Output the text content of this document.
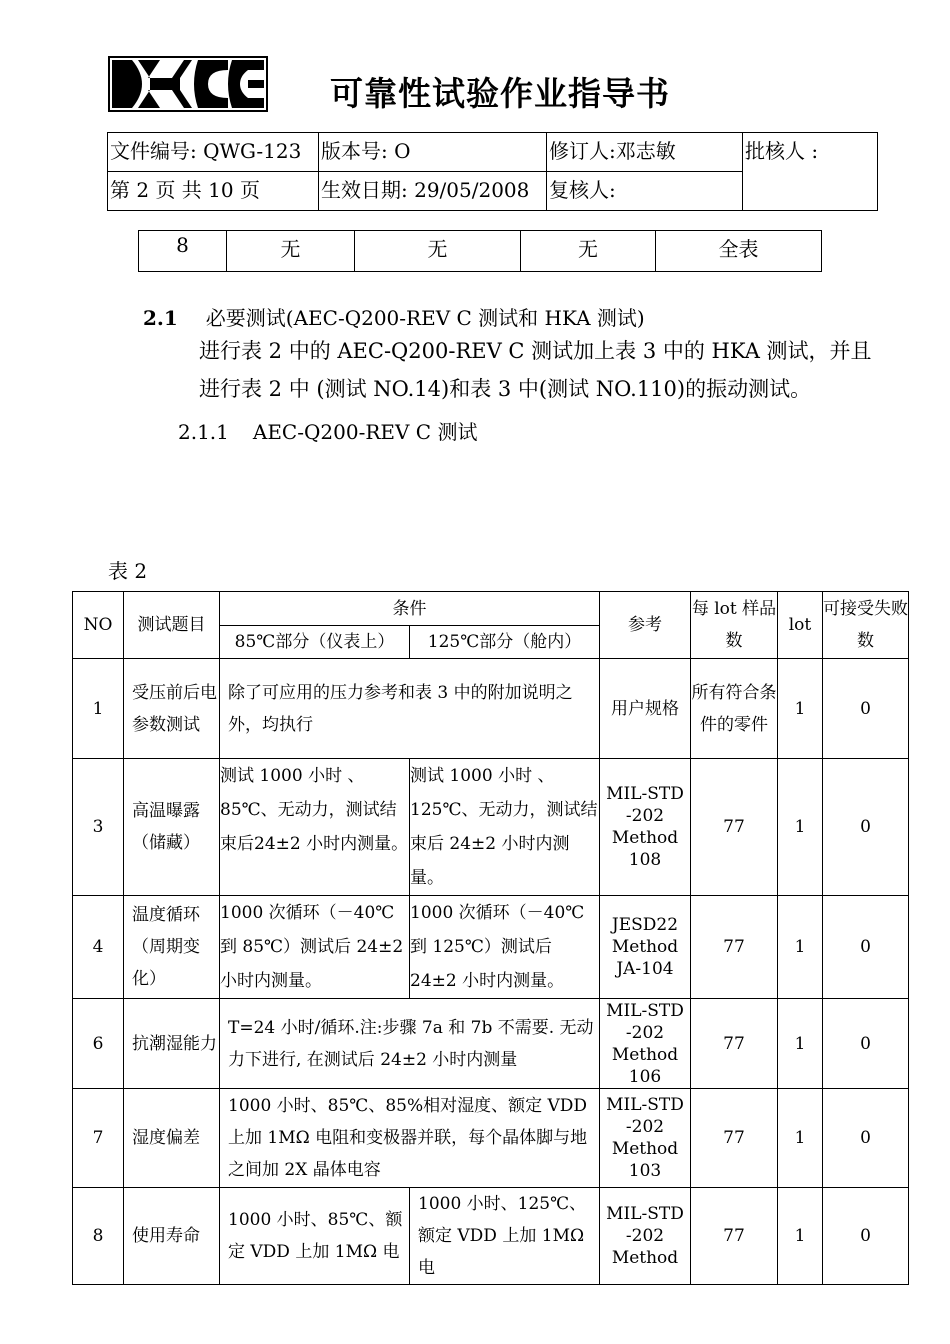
可靠性试验作业指导书
文件编号: QWG-123	版本号: O	修订人:邓志敏	批核人 :
第 2 页 共 10 页	生效日期: 29/05/2008	复核人:	
8	无	无	无	全表
2.1 必要测试(AEC-Q200-REV C 测试和 HKA 测试)
进行表 2 中的 AEC-Q200-REV C 测试加上表 3 中的 HKA 测试，并且
进行表 2 中 (测试 NO.14)和表 3 中(测试 NO.110)的振动测试。
2.1.1 AEC-Q200-REV C 测试
表 2
NO	测试题目	条件		参考	每 lot 样品数	lot	可接受失败数
		85℃部分（仪表上）	125℃部分（舱内）				
1	受压前后电参数测试	除了可应用的压力参考和表 3 中的附加说明之外，均执行		用户规格	所有符合条件的零件	1	0
3	高温曝露（储藏）	测试 1000 小时 、85℃、无动力，测试结束后24±2 小时内测量。	测试 1000 小时 、125℃、无动力，测试结束后 24±2 小时内测量。	MIL-STD -202 Method 108	77	1	0
4	温度循环（周期变化）	1000 次循环（－40℃ 到 85℃）测试后 24±2 小时内测量。	1000 次循环（－40℃到 125℃）测试后 24±2 小时内测量。	JESD22 Method JA-104	77	1	0
6	抗潮湿能力	T=24 小时/循环.注:步骤 7a 和 7b 不需要. 无动力下进行, 在测试后 24±2 小时内测量		MIL-STD -202 Method 106	77	1	0
7	湿度偏差	1000 小时、85℃、85%相对湿度、额定 VDD 上加 1MΩ 电阻和变极器并联，每个晶体脚与地之间加 2X 晶体电容		MIL-STD -202 Method 103	77	1	0
8	使用寿命	1000 小时、85℃、额定 VDD 上加 1MΩ 电	1000 小时、125℃、额定 VDD 上加 1MΩ 电	MIL-STD -202 Method	77	1	0
